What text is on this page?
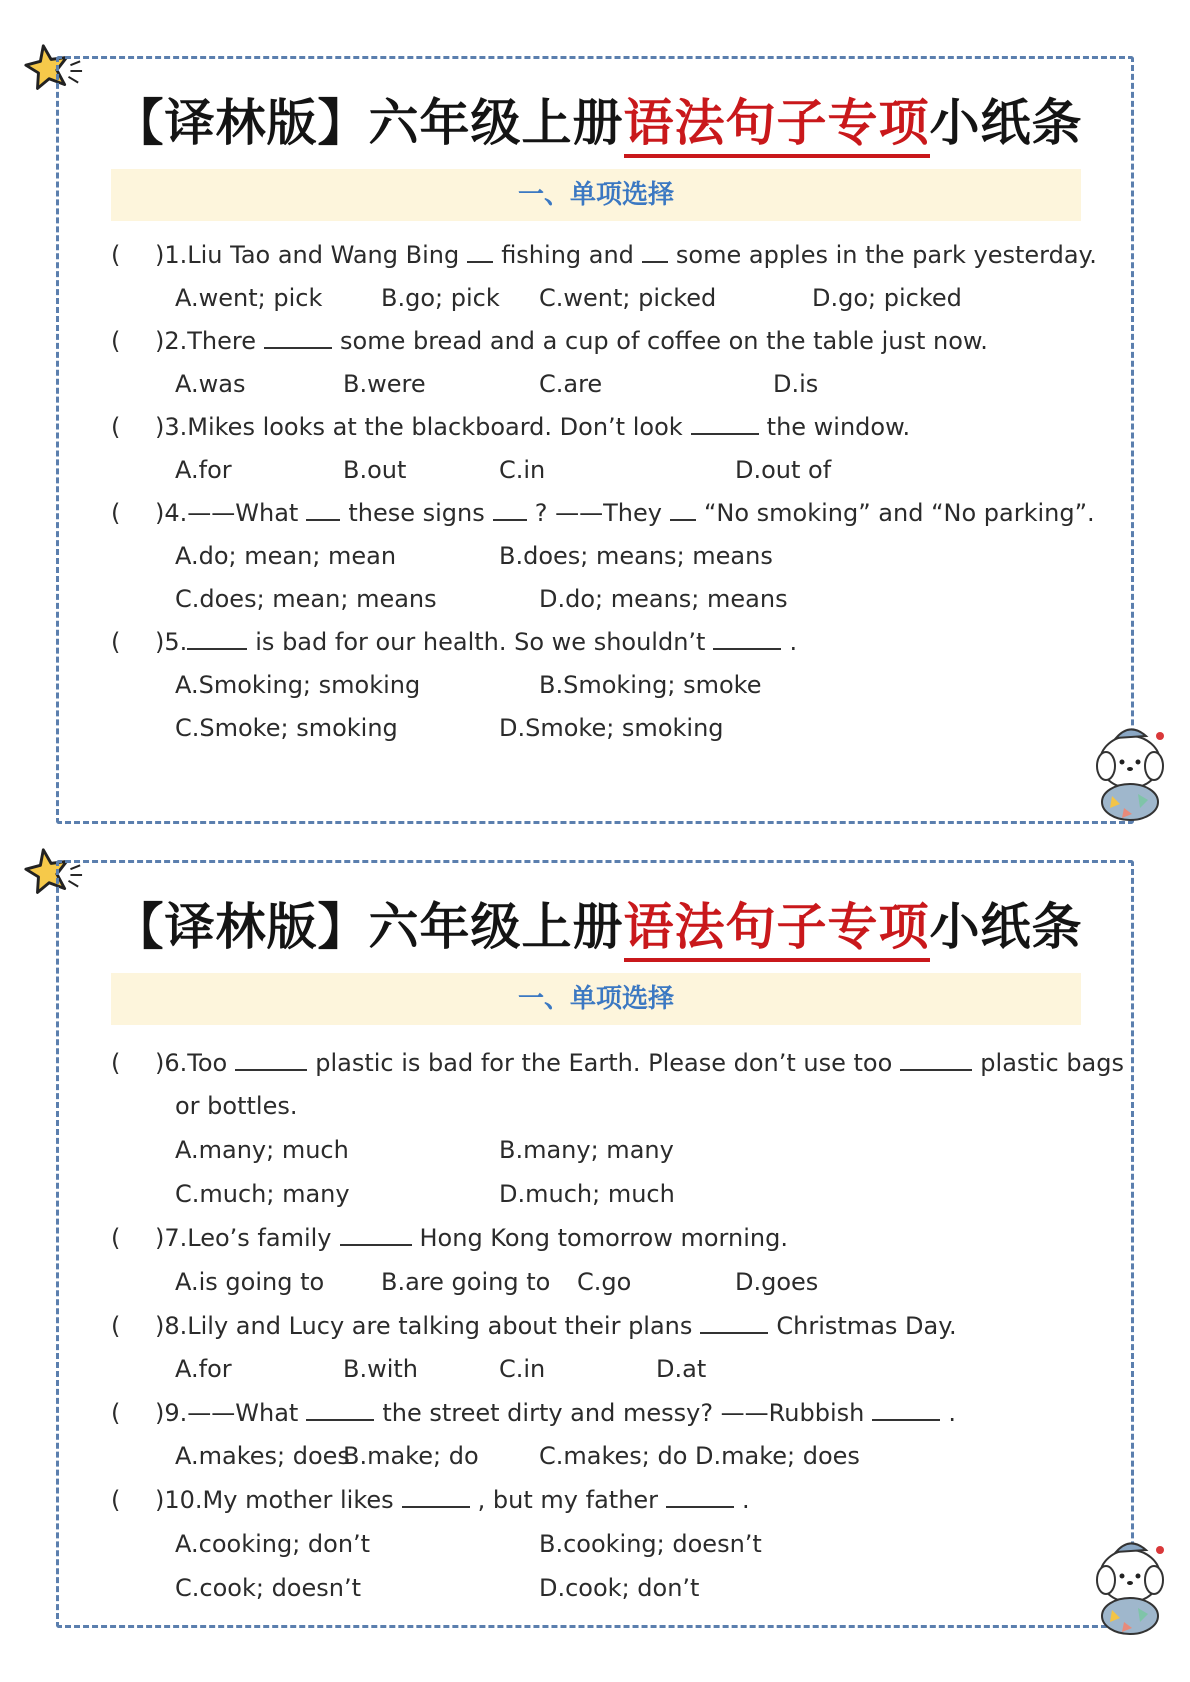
【译林版】六年级上册语法句子专项小纸条
一、单项选择
( )1.Liu Tao and Wang Bing fishing and some apples in the park yesterday.
A.went; pick B.go; pick C.went; picked	D.go; picked
( )2.There	some bread and a cup of coffee on the table just now.
A.was	B.were	C.are	D.is
( )3.Mikes looks at the blackboard. Don’t look	the window.
A.for	B.out	C.in	D.out of
( )4.——What these signs ? ——They “No smoking” and “No parking”.
A.do; mean; mean	B.does; means; means
C.does; mean; means	D.do; means; means
( )5.	is bad for our health. So we shouldn’t	.
A.Smoking; smoking	B.Smoking; smoke
C.Smoke; smoking	D.Smoke; smoking
【译林版】六年级上册语法句子专项小纸条
一、单项选择
( )6.Too	plastic is bad for the Earth. Please don’t use too	plastic bags
or bottles.
A.many; much	B.many; many
C.much; many	D.much; much
( )7.Leo’s family	Hong Kong tomorrow morning.
A.is going to B.are going to C.go	D.goes
( )8.Lily and Lucy are talking about their plans	Christmas Day.
A.for	B.with	C.in	D.at
( )9.——What	the street dirty and messy? ——Rubbish	.
A.makes; does
B.make; do	C.makes; do D.make; does
( )10.My mother likes	, but my father	.
A.cooking; don’t	B.cooking; doesn’t
C.cook; doesn’t	D.cook; don’t
